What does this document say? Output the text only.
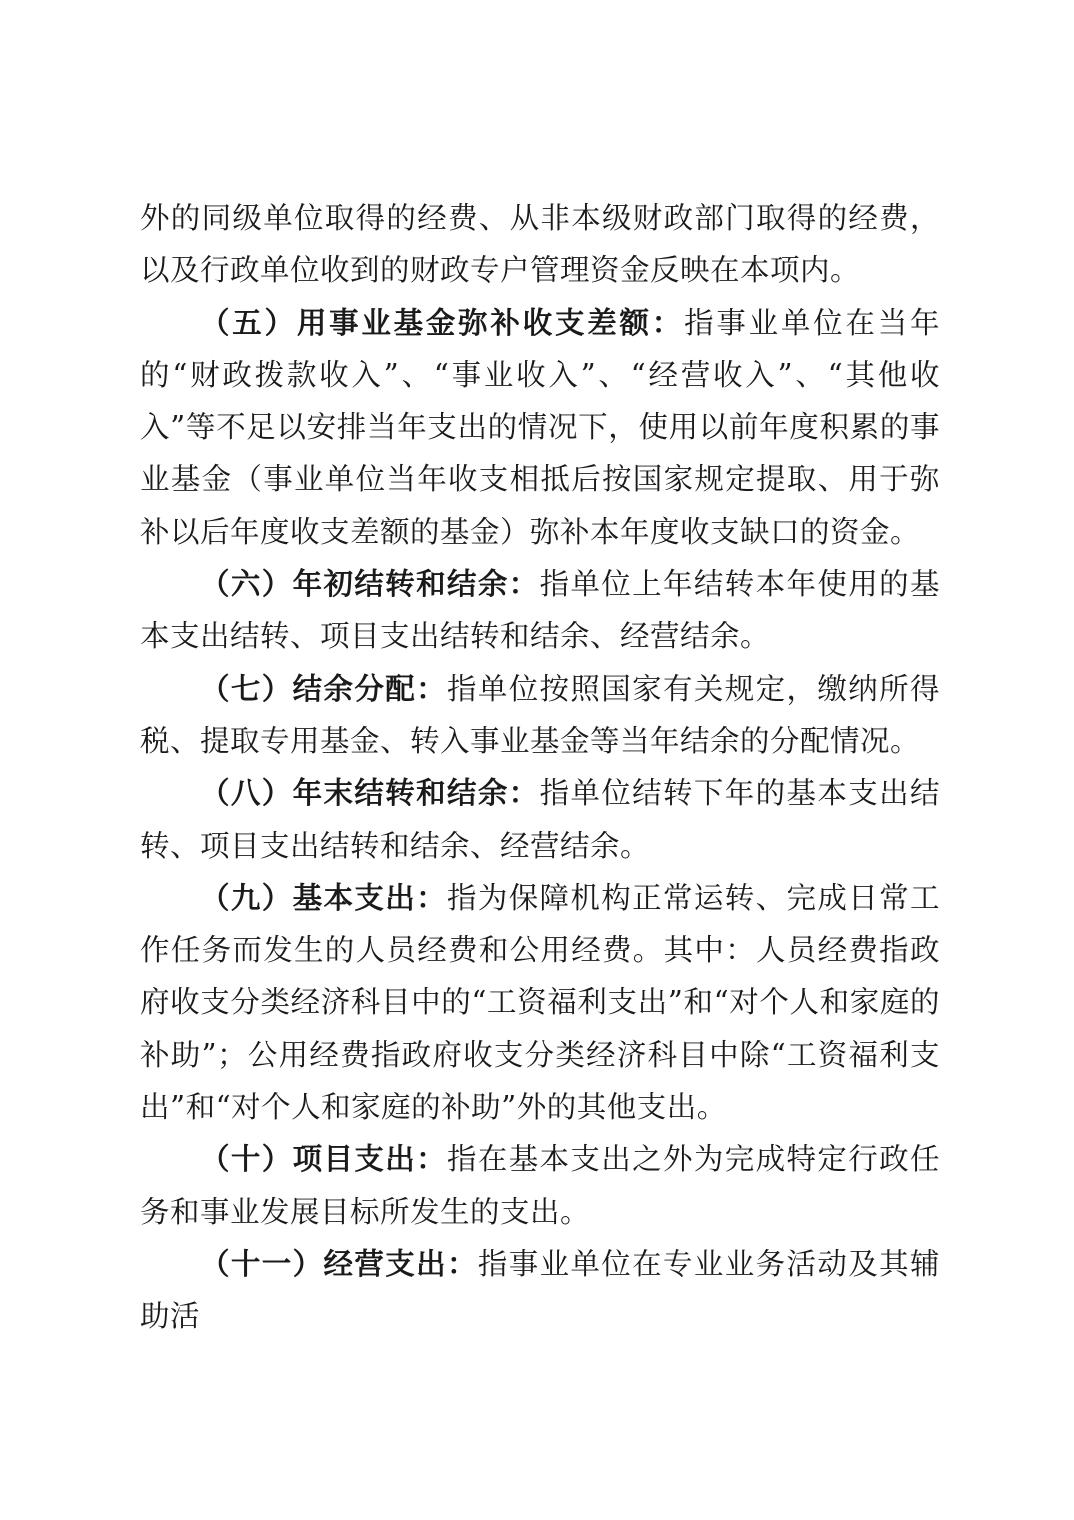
外的同级单位取得的经费、从非本级财政部门取得的经费，以及行政单位收到的财政专户管理资金反映在本项内。

（五）用事业基金弥补收支差额：指事业单位在当年的“财政拨款收入”、“事业收入”、“经营收入”、“其他收入”等不足以安排当年支出的情况下，使用以前年度积累的事业基金（事业单位当年收支相抵后按国家规定提取、用于弥补以后年度收支差额的基金）弥补本年度收支缺口的资金。

（六）年初结转和结余：指单位上年结转本年使用的基本支出结转、项目支出结转和结余、经营结余。

（七）结余分配：指单位按照国家有关规定，缴纳所得税、提取专用基金、转入事业基金等当年结余的分配情况。

（八）年末结转和结余：指单位结转下年的基本支出结转、项目支出结转和结余、经营结余。

（九）基本支出：指为保障机构正常运转、完成日常工作任务而发生的人员经费和公用经费。其中：人员经费指政府收支分类经济科目中的“工资福利支出”和“对个人和家庭的补助”；公用经费指政府收支分类经济科目中除“工资福利支出”和“对个人和家庭的补助”外的其他支出。

（十）项目支出：指在基本支出之外为完成特定行政任务和事业发展目标所发生的支出。

（十一）经营支出：指事业单位在专业业务活动及其辅助活
